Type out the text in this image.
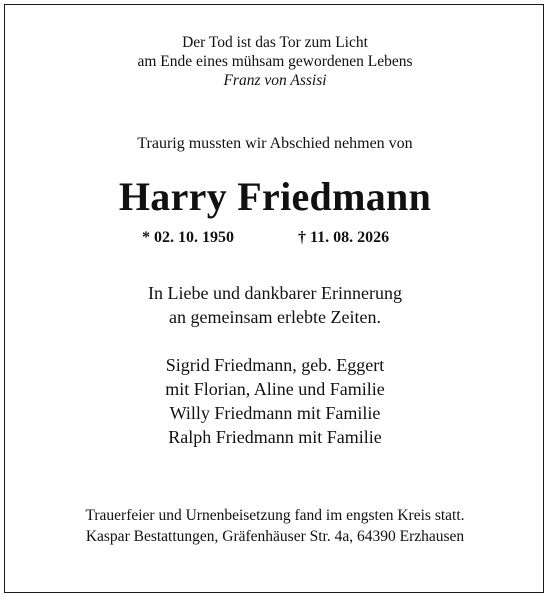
Der Tod ist das Tor zum Licht
am Ende eines mühsam gewordenen Lebens
Franz von Assisi
Traurig mussten wir Abschied nehmen von
Harry Friedmann
* 02. 10. 1950	† 11. 08. 2026
In Liebe und dankbarer Erinnerung
an gemeinsam erlebte Zeiten.
Sigrid Friedmann, geb. Eggert
mit Florian, Aline und Familie
Willy Friedmann mit Familie
Ralph Friedmann mit Familie
Trauerfeier und Urnenbeisetzung fand im engsten Kreis statt.
Kaspar Bestattungen, Gräfenhäuser Str. 4a, 64390 Erzhausen
